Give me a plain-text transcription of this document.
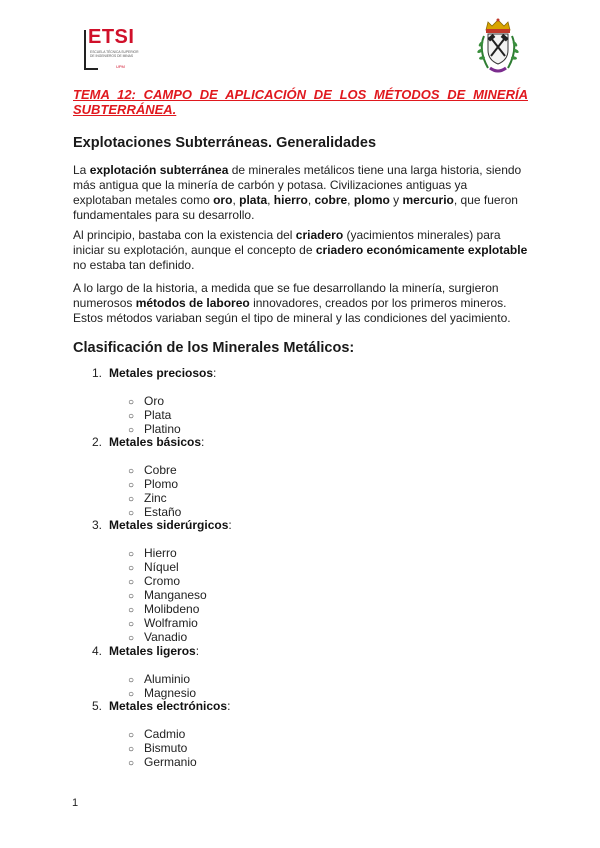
ETSI
ESCUELA TÉCNICA SUPERIOR DE INGENIEROS DE MINAS
UPM
TEMA 12: CAMPO DE APLICACIÓN DE LOS MÉTODOS DE MINERÍA SUBTERRÁNEA.
Explotaciones Subterráneas. Generalidades
La explotación subterránea de minerales metálicos tiene una larga historia, siendo más antigua que la minería de carbón y potasa. Civilizaciones antiguas ya explotaban metales como oro, plata, hierro, cobre, plomo y mercurio, que fueron fundamentales para su desarrollo.
Al principio, bastaba con la existencia del criadero (yacimientos minerales) para iniciar su explotación, aunque el concepto de criadero económicamente explotable no estaba tan definido.
A lo largo de la historia, a medida que se fue desarrollando la minería, surgieron numerosos métodos de laboreo innovadores, creados por los primeros mineros. Estos métodos variaban según el tipo de mineral y las condiciones del yacimiento.
Clasificación de los Minerales Metálicos:
1. Metales preciosos:
○ Oro
○ Plata
○ Platino
2. Metales básicos:
○ Cobre
○ Plomo
○ Zinc
○ Estaño
3. Metales siderúrgicos:
○ Hierro
○ Níquel
○ Cromo
○ Manganeso
○ Molibdeno
○ Wolframio
○ Vanadio
4. Metales ligeros:
○ Aluminio
○ Magnesio
5. Metales electrónicos:
○ Cadmio
○ Bismuto
○ Germanio
1
